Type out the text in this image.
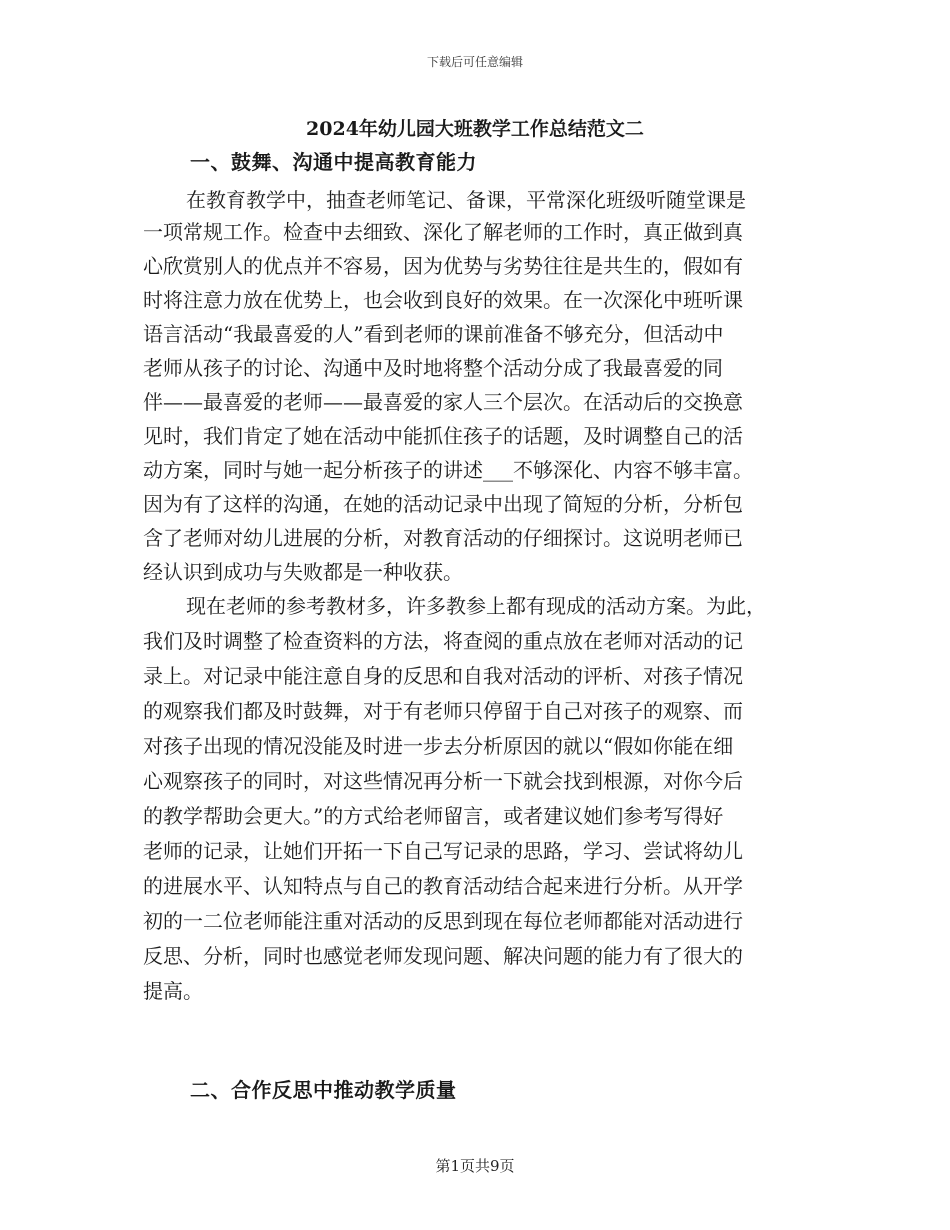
下载后可任意编辑
2024年幼儿园大班教学工作总结范文二
一、鼓舞、沟通中提高教育能力
在教育教学中，抽查老师笔记、备课，平常深化班级听随堂课是
一项常规工作。检查中去细致、深化了解老师的工作时，真正做到真
心欣赏别人的优点并不容易，因为优势与劣势往往是共生的，假如有
时将注意力放在优势上，也会收到良好的效果。在一次深化中班听课
语言活动“我最喜爱的人”看到老师的课前准备不够充分，但活动中
老师从孩子的讨论、沟通中及时地将整个活动分成了我最喜爱的同
伴——最喜爱的老师——最喜爱的家人三个层次。在活动后的交换意
见时，我们肯定了她在活动中能抓住孩子的话题，及时调整自己的活
动方案，同时与她一起分析孩子的讲述___不够深化、内容不够丰富。
因为有了这样的沟通，在她的活动记录中出现了简短的分析，分析包
含了老师对幼儿进展的分析，对教育活动的仔细探讨。这说明老师已
经认识到成功与失败都是一种收获。
现在老师的参考教材多，许多教参上都有现成的活动方案。为此，
我们及时调整了检查资料的方法，将查阅的重点放在老师对活动的记
录上。对记录中能注意自身的反思和自我对活动的评析、对孩子情况
的观察我们都及时鼓舞，对于有老师只停留于自己对孩子的观察、而
对孩子出现的情况没能及时进一步去分析原因的就以“假如你能在细
心观察孩子的同时，对这些情况再分析一下就会找到根源，对你今后
的教学帮助会更大。”的方式给老师留言，或者建议她们参考写得好
老师的记录，让她们开拓一下自己写记录的思路，学习、尝试将幼儿
的进展水平、认知特点与自己的教育活动结合起来进行分析。从开学
初的一二位老师能注重对活动的反思到现在每位老师都能对活动进行
反思、分析，同时也感觉老师发现问题、解决问题的能力有了很大的
提高。
二、合作反思中推动教学质量
第1页共9页
